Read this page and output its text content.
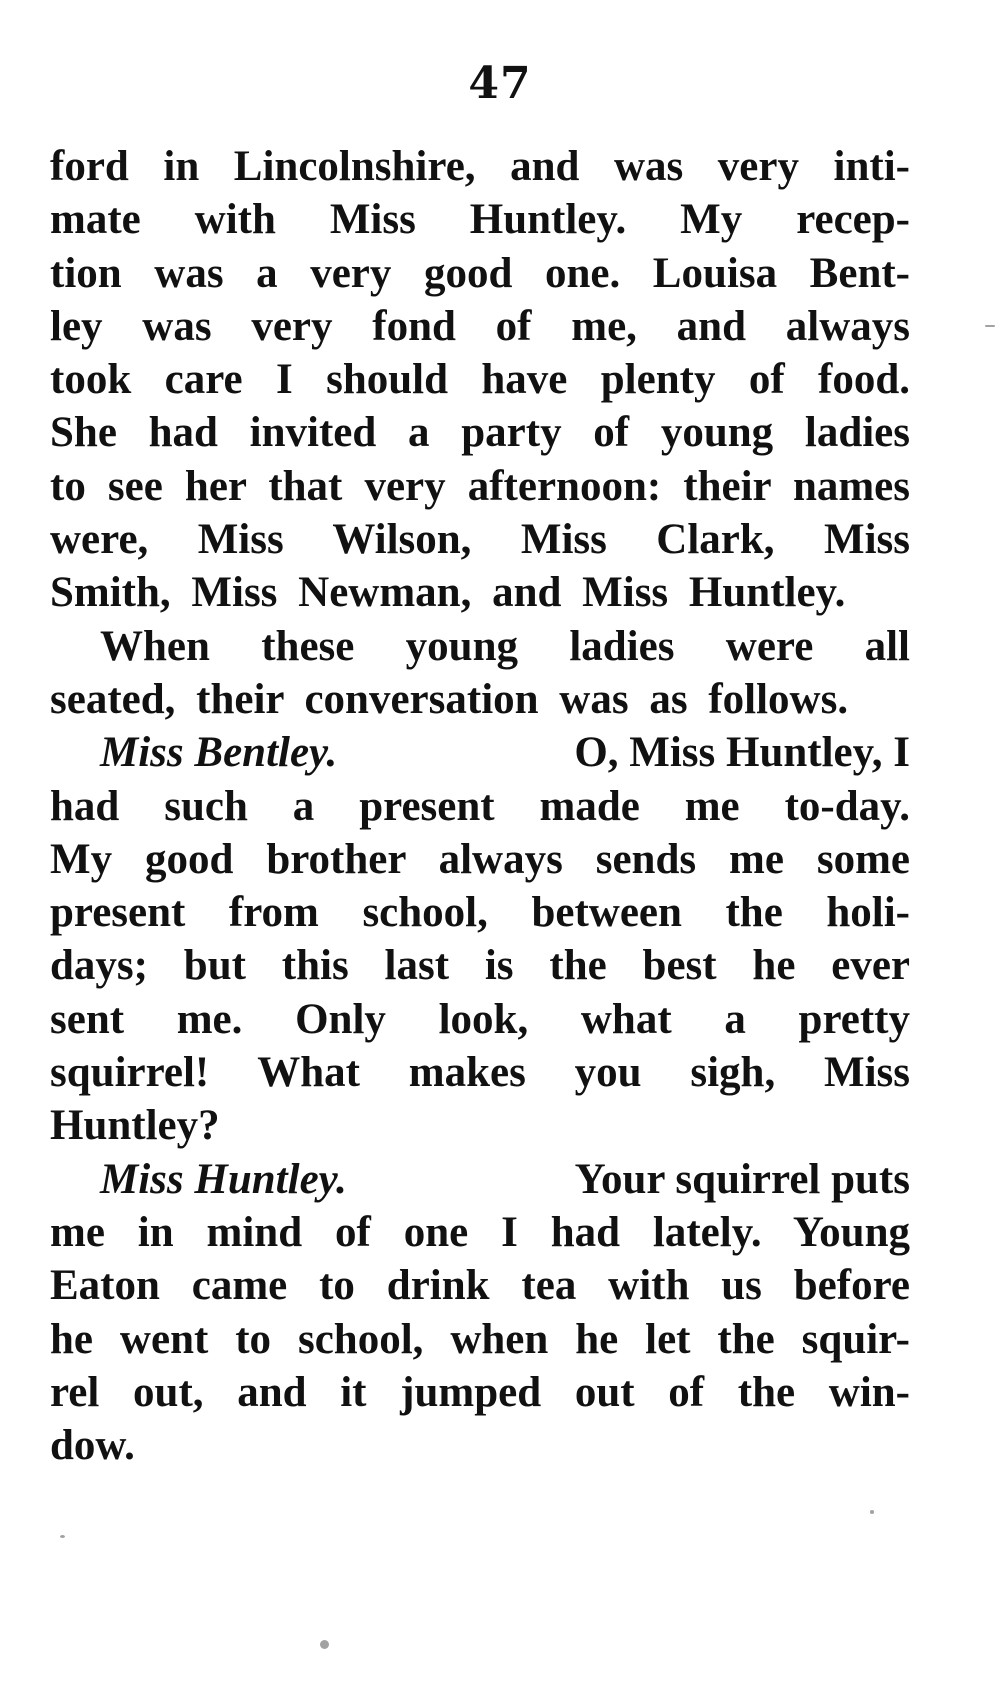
47
ford in Lincolnshire, and was very inti-
mate with Miss Huntley. My recep-
tion was a very good one. Louisa Bent-
ley was very fond of me, and always
took care I should have plenty of food.
She had invited a party of young ladies
to see her that very afternoon: their names
were, Miss Wilson, Miss Clark, Miss
Smith, Miss Newman, and Miss Huntley.
When these young ladies were all
seated, their conversation was as follows.
Miss Bentley.	O, Miss Huntley, I
had such a present made me to-day.
My good brother always sends me some
present from school, between the holi-
days; but this last is the best he ever
sent me. Only look, what a pretty
squirrel! What makes you sigh, Miss
Huntley?
Miss Huntley.	Your squirrel puts
me in mind of one I had lately. Young
Eaton came to drink tea with us before
he went to school, when he let the squir-
rel out, and it jumped out of the win-
dow.
